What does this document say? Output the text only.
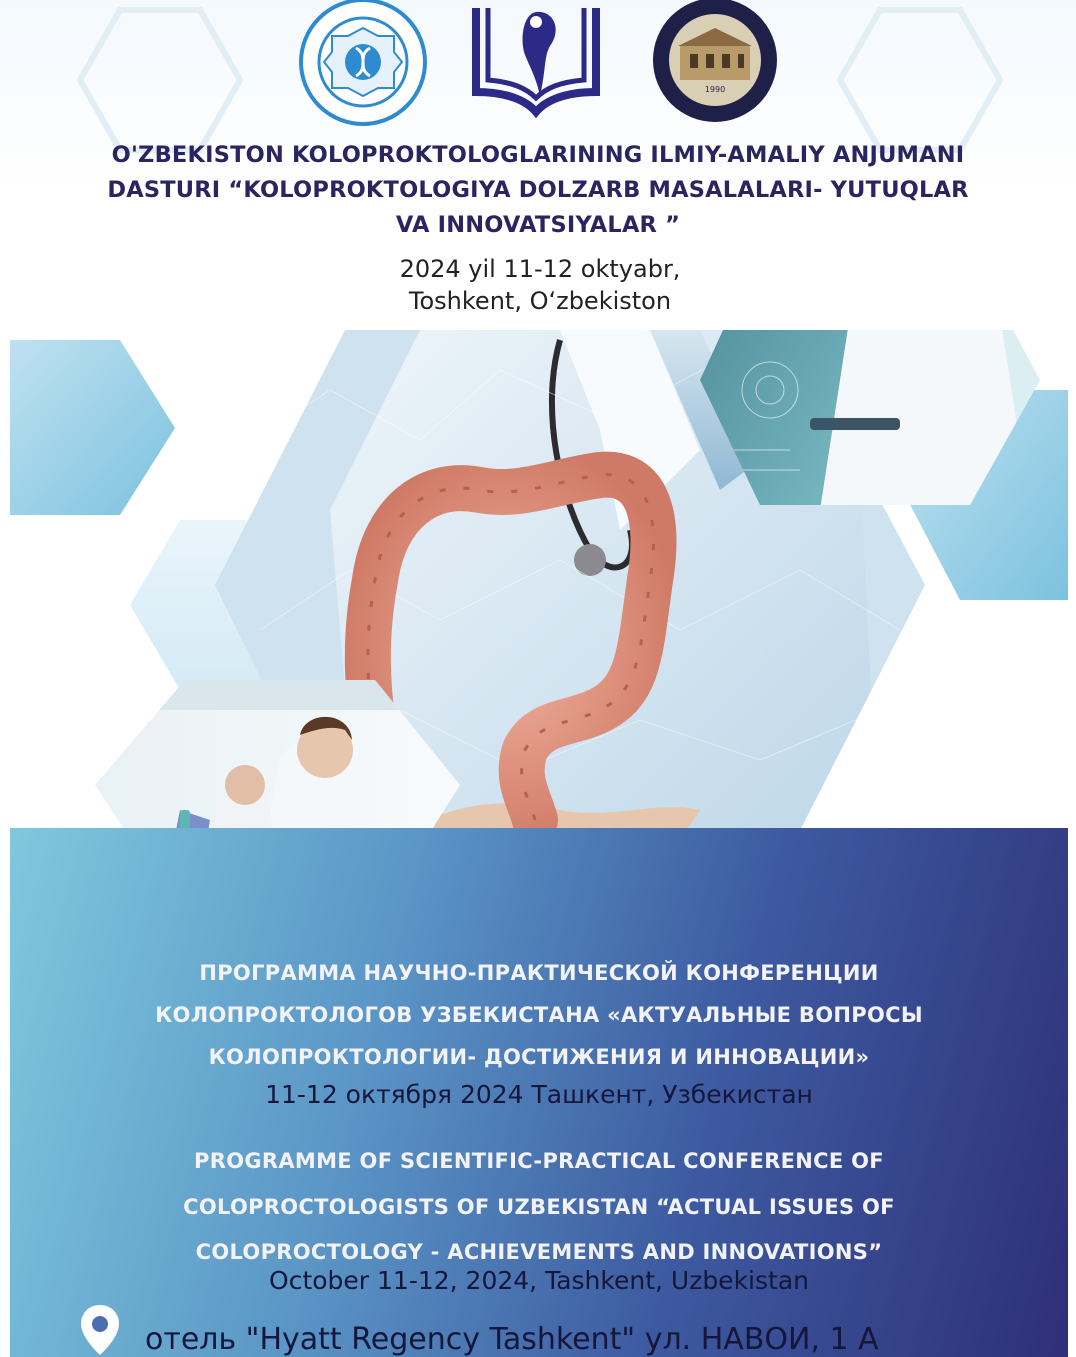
1990
O'ZBEKISTON KOLOPROKTOLOGLARINING ILMIY-AMALIY ANJUMANI
DASTURI “KOLOPROKTOLOGIYA DOLZARB MASALALARI- YUTUQLAR
VA INNOVATSIYALAR ”
2024 yil 11-12 oktyabr,
Toshkent, Oʻzbekiston
ПРОГРАММА НАУЧНО-ПРАКТИЧЕСКОЙ КОНФЕРЕНЦИИ
КОЛОПРОКТОЛОГОВ УЗБЕКИСТАНА «АКТУАЛЬНЫЕ ВОПРОСЫ
КОЛОПРОКТОЛОГИИ- ДОСТИЖЕНИЯ И ИННОВАЦИИ»
11-12 октября 2024 Ташкент, Узбекистан
PROGRAMME OF SCIENTIFIC-PRACTICAL CONFERENCE OF
COLOPROCTOLOGISTS OF UZBEKISTAN “ACTUAL ISSUES OF
COLOPROCTOLOGY - ACHIEVEMENTS AND INNOVATIONS”
October 11-12, 2024, Tashkent, Uzbekistan
отель "Hyatt Regency Tashkent" ул. НАВОИ, 1 А
